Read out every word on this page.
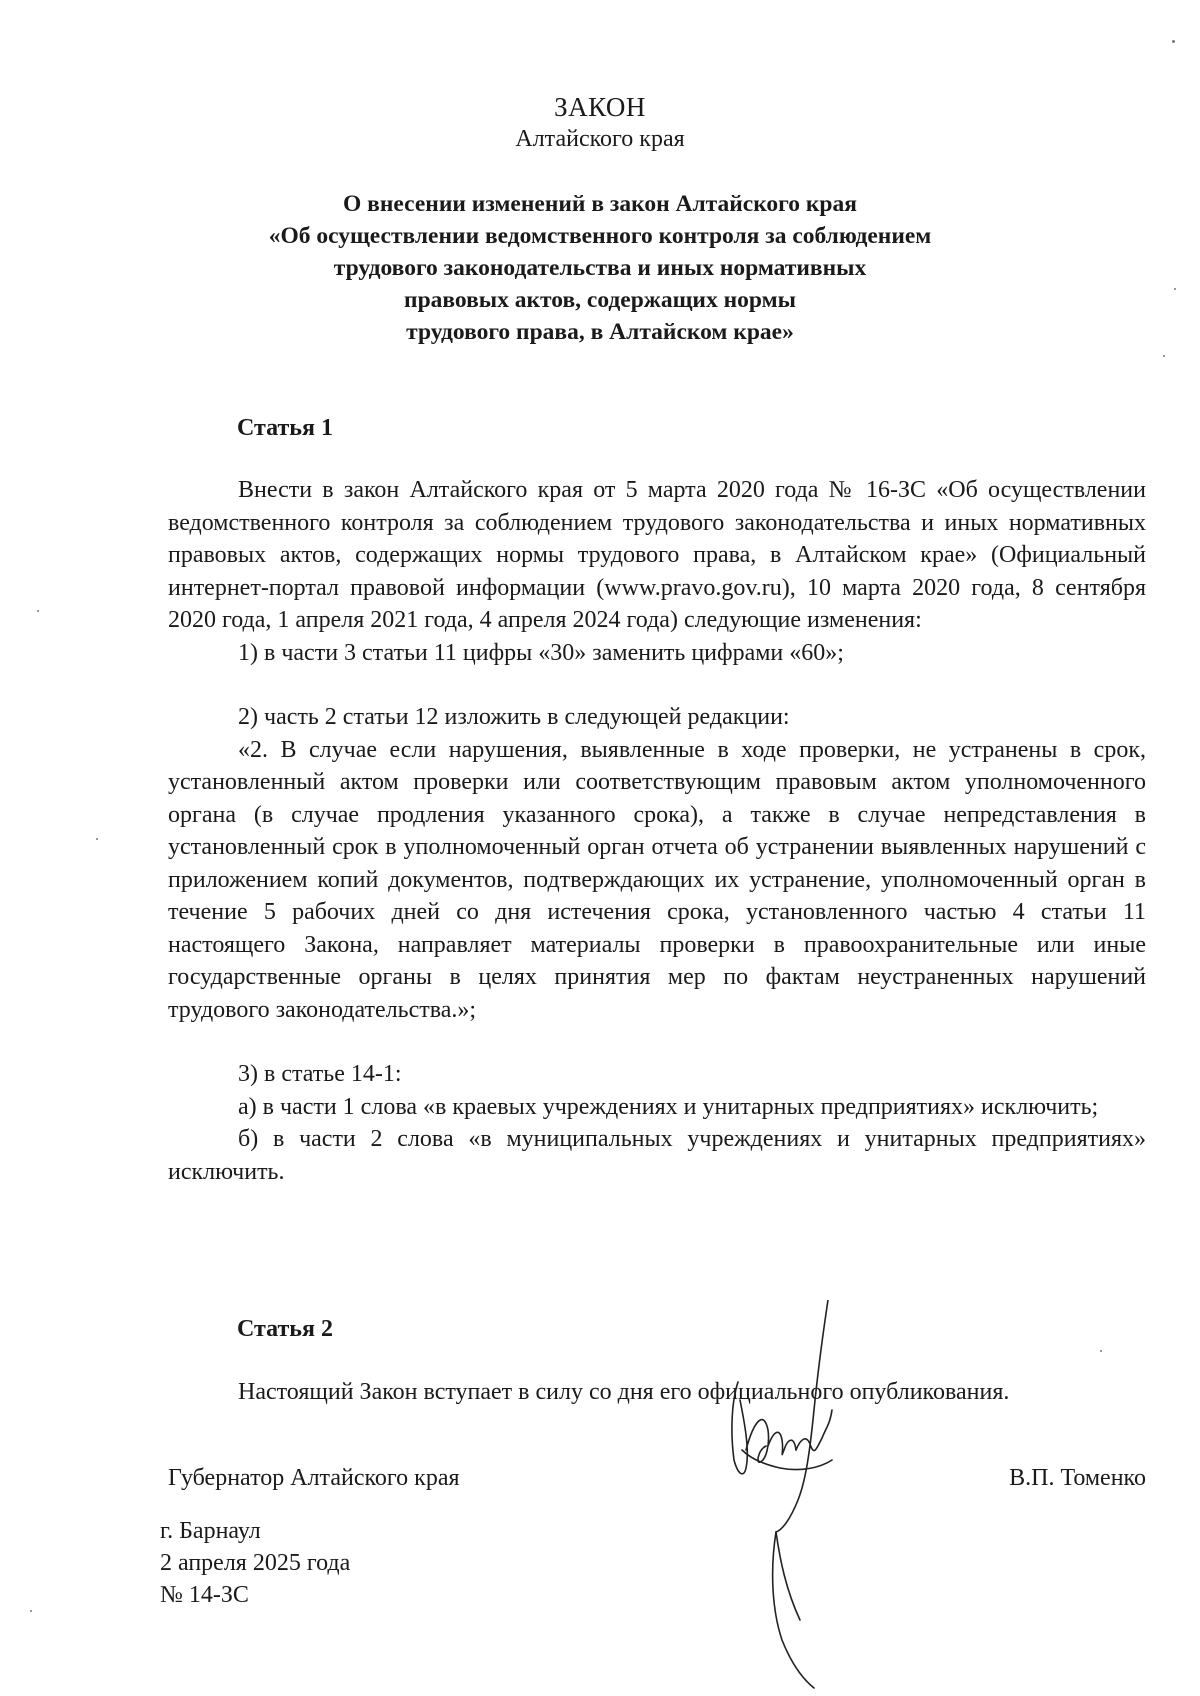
ЗАКОН
Алтайского края
О внесении изменений в закон Алтайского края
«Об осуществлении ведомственного контроля за соблюдением
трудового законодательства и иных нормативных
правовых актов, содержащих нормы
трудового права, в Алтайском крае»
Статья 1

Внести в закон Алтайского края от 5 марта 2020 года № 16-ЗС «Об осуществлении ведомственного контроля за соблюдением трудового законодательства и иных нормативных правовых актов, содержащих нормы трудового права, в Алтайском крае» (Официальный интернет-портал правовой информации (www.pravo.gov.ru), 10 марта 2020 года, 8 сентября 2020 года, 1 апреля 2021 года, 4 апреля 2024 года) следующие изменения:

1) в части 3 статьи 11 цифры «30» заменить цифрами «60»;

2) часть 2 статьи 12 изложить в следующей редакции:

«2. В случае если нарушения, выявленные в ходе проверки, не устранены в срок, установленный актом проверки или соответствующим правовым актом уполномоченного органа (в случае продления указанного срока), а также в случае непредставления в установленный срок в уполномоченный орган отчета об устранении выявленных нарушений с приложением копий документов, подтверждающих их устранение, уполномоченный орган в течение 5 рабочих дней со дня истечения срока, установленного частью 4 статьи 11 настоящего Закона, направляет материалы проверки в правоохранительные или иные государственные органы в целях принятия мер по фактам неустраненных нарушений трудового законодательства.»;

3) в статье 14-1:

а) в части 1 слова «в краевых учреждениях и унитарных предприятиях» исключить;

б) в части 2 слова «в муниципальных учреждениях и унитарных предприятиях» исключить.

Статья 2

Настоящий Закон вступает в силу со дня его официального опубликования.

Губернатор Алтайского края	В.П. Томенко
г. Барнаул
2 апреля 2025 года
№ 14-ЗС
